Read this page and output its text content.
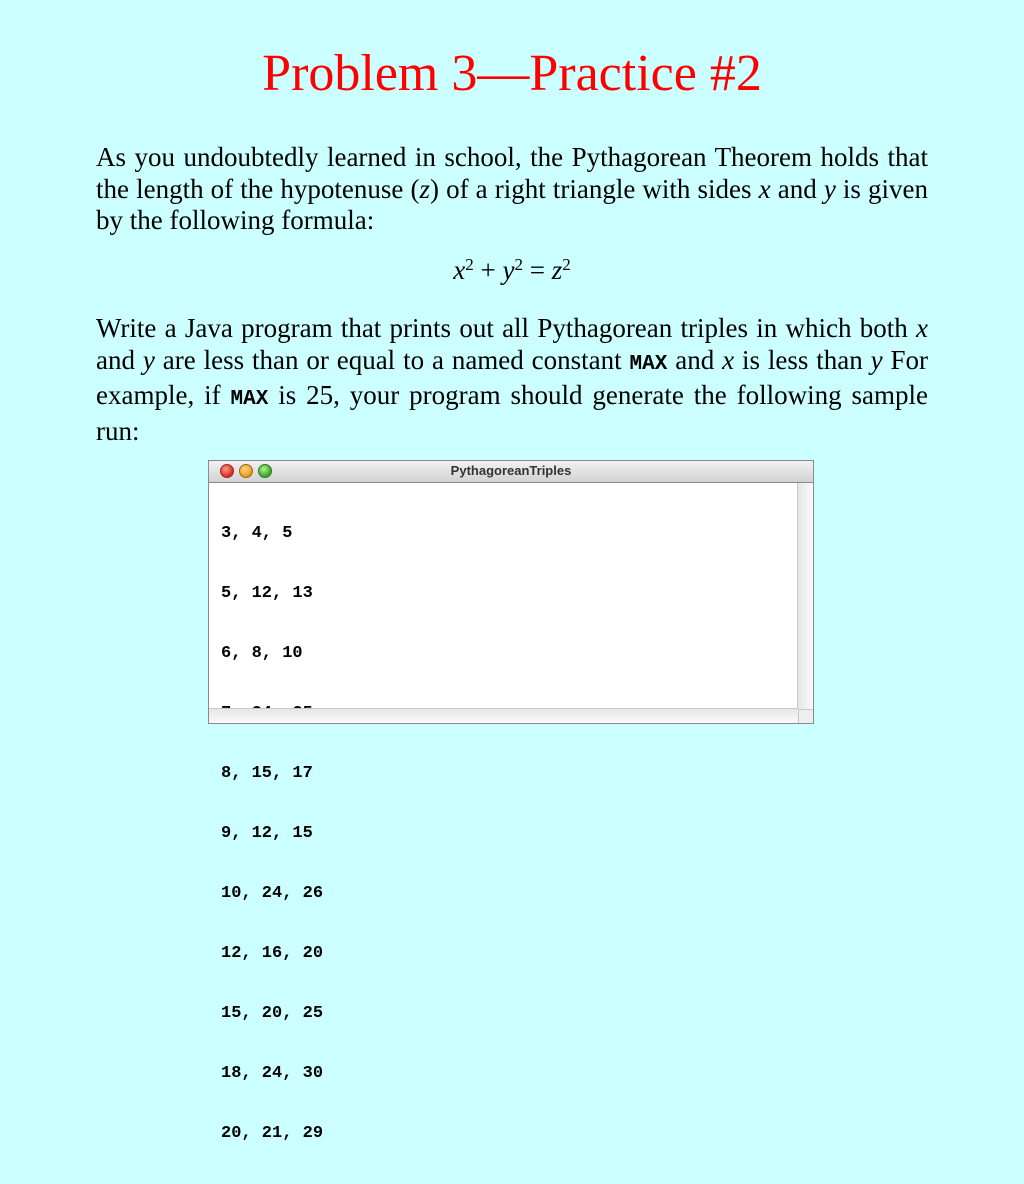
Problem 3—Practice #2

As you undoubtedly learned in school, the Pythagorean Theorem holds that the length of the hypotenuse (z) of a right triangle with sides x and y is given by the following formula:

$x^2 + y^2 = z^2$

Write a Java program that prints out all Pythagorean triples in which both x and y are less than or equal to a named constant MAX and x is less than y For example, if MAX is 25, your program should generate the following sample run:

PythagoreanTriples

3, 4, 5

5, 12, 13

6, 8, 10

8, 15, 17

9, 12, 15

10, 24, 26

12, 16, 20

15, 20, 25

18, 24, 30

20, 21, 29
